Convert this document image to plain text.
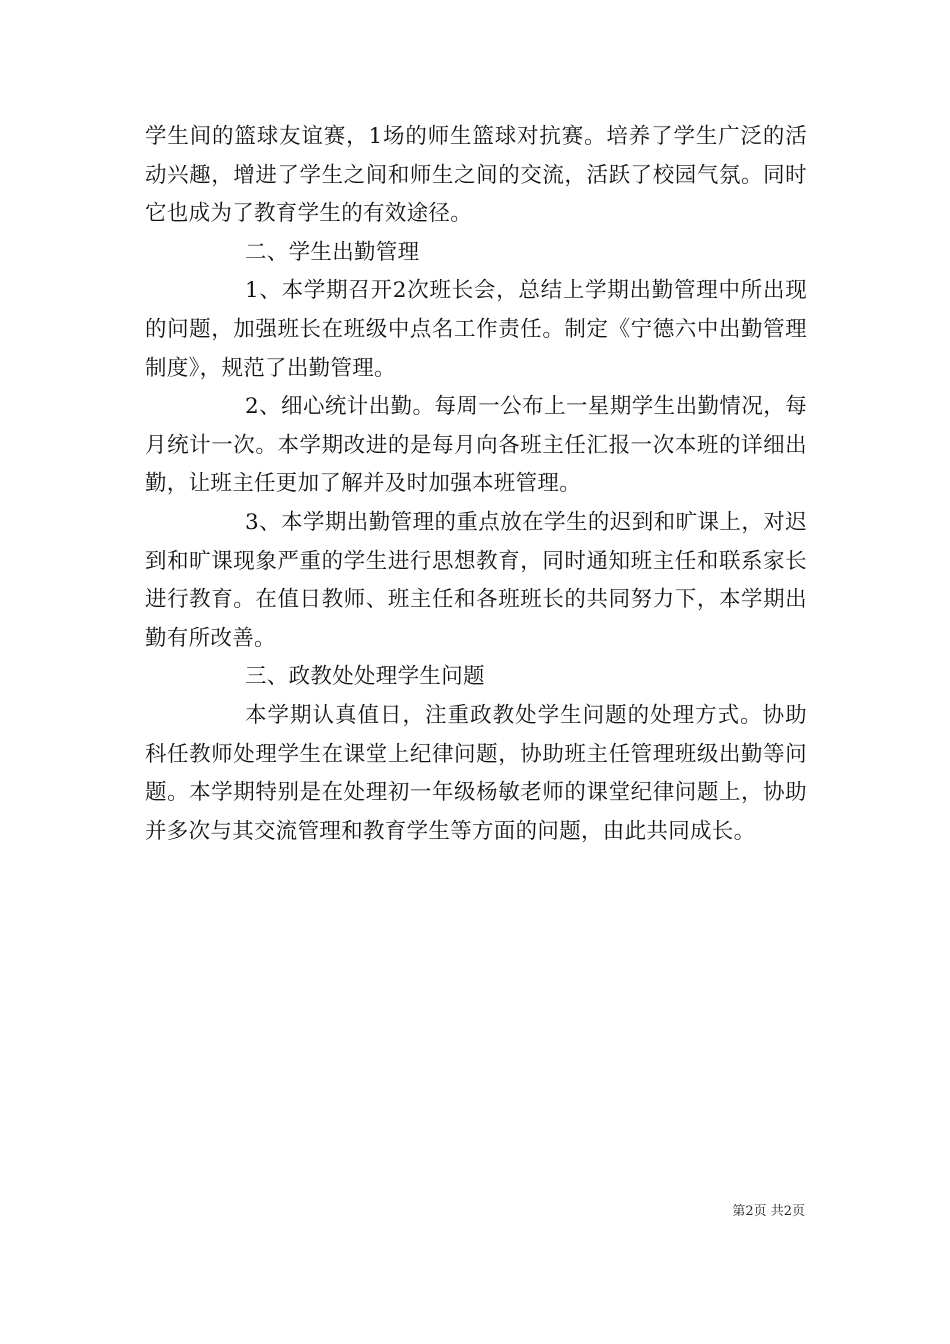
学生间的篮球友谊赛，1场的师生篮球对抗赛。培养了学生广泛的活动兴趣，增进了学生之间和师生之间的交流，活跃了校园气氛。同时它也成为了教育学生的有效途径。

二、学生出勤管理

1、本学期召开2次班长会，总结上学期出勤管理中所出现的问题，加强班长在班级中点名工作责任。制定《宁德六中出勤管理制度》，规范了出勤管理。

2、细心统计出勤。每周一公布上一星期学生出勤情况，每月统计一次。本学期改进的是每月向各班主任汇报一次本班的详细出勤，让班主任更加了解并及时加强本班管理。

3、本学期出勤管理的重点放在学生的迟到和旷课上，对迟到和旷课现象严重的学生进行思想教育，同时通知班主任和联系家长进行教育。在值日教师、班主任和各班班长的共同努力下，本学期出勤有所改善。

三、政教处处理学生问题

本学期认真值日，注重政教处学生问题的处理方式。协助科任教师处理学生在课堂上纪律问题，协助班主任管理班级出勤等问题。本学期特别是在处理初一年级杨敏老师的课堂纪律问题上，协助并多次与其交流管理和教育学生等方面的问题，由此共同成长。

第2页 共2页
